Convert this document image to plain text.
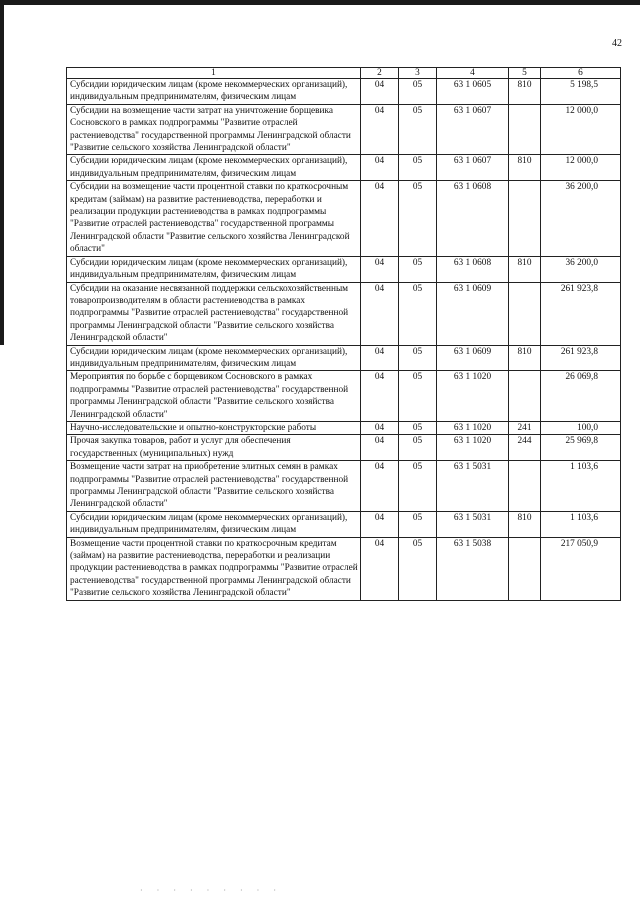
42
1	2	3	4	5	6
Субсидии юридическим лицам (кроме некоммерческих организаций), индивидуальным предпринимателям, физическим лицам	04	05	63 1 0605	810	5 198,5
Субсидии на возмещение части затрат на уничтожение борщевика Сосновского в рамках подпрограммы "Развитие отраслей растениеводства" государственной программы Ленинградской области "Развитие сельского хозяйства Ленинградской области"	04	05	63 1 0607		12 000,0
Субсидии юридическим лицам (кроме некоммерческих организаций), индивидуальным предпринимателям, физическим лицам	04	05	63 1 0607	810	12 000,0
Субсидии на возмещение части процентной ставки по краткосрочным кредитам (займам) на развитие растениеводства, переработки и реализации продукции растениеводства в рамках подпрограммы "Развитие отраслей растениеводства" государственной программы Ленинградской области "Развитие сельского хозяйства Ленинградской области"	04	05	63 1 0608		36 200,0
Субсидии юридическим лицам (кроме некоммерческих организаций), индивидуальным предпринимателям, физическим лицам	04	05	63 1 0608	810	36 200,0
Субсидии на оказание несвязанной поддержки сельскохозяйственным товаропроизводителям в области растениеводства в рамках подпрограммы "Развитие отраслей растениеводства" государственной программы Ленинградской области "Развитие сельского хозяйства Ленинградской области"	04	05	63 1 0609		261 923,8
Субсидии юридическим лицам (кроме некоммерческих организаций), индивидуальным предпринимателям, физическим лицам	04	05	63 1 0609	810	261 923,8
Мероприятия по борьбе с борщевиком Сосновского в рамках подпрограммы "Развитие отраслей растениеводства" государственной программы Ленинградской области "Развитие сельского хозяйства Ленинградской области"	04	05	63 1 1020		26 069,8
Научно-исследовательские и опытно-конструкторские работы	04	05	63 1 1020	241	100,0
Прочая закупка товаров, работ и услуг для обеспечения государственных (муниципальных) нужд	04	05	63 1 1020	244	25 969,8
Возмещение части затрат на приобретение элитных семян в рамках подпрограммы "Развитие отраслей растениеводства" государственной программы Ленинградской области "Развитие сельского хозяйства Ленинградской области"	04	05	63 1 5031		1 103,6
Субсидии юридическим лицам (кроме некоммерческих организаций), индивидуальным предпринимателям, физическим лицам	04	05	63 1 5031	810	1 103,6
Возмещение части процентной ставки по краткосрочным кредитам (займам) на развитие растениеводства, переработки и реализации продукции растениеводства в рамках подпрограммы "Развитие отраслей растениеводства" государственной программы Ленинградской области "Развитие сельского хозяйства Ленинградской области"	04	05	63 1 5038		217 050,9
· · · · · · · · ·
